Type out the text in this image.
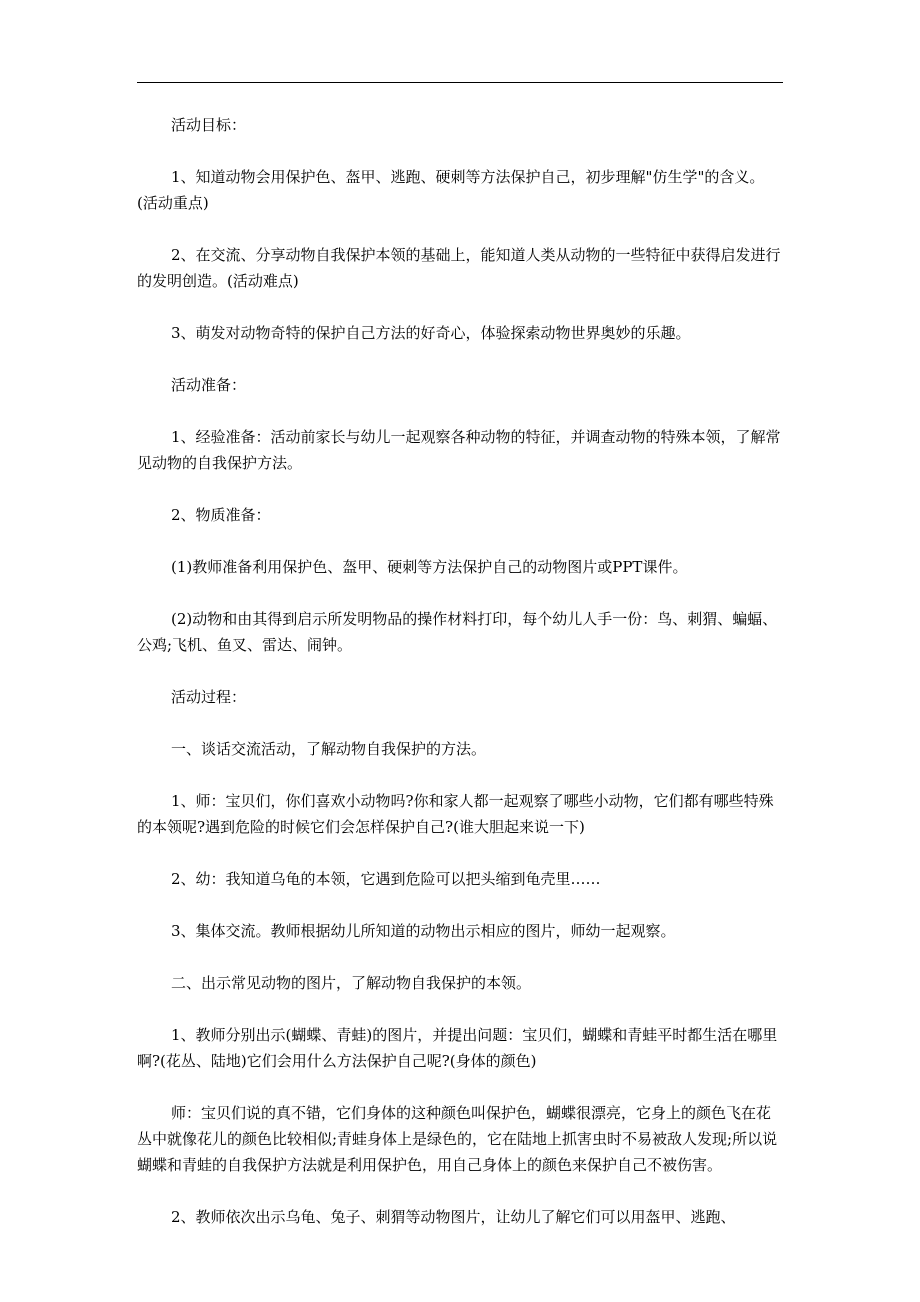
活动目标：

1、知道动物会用保护色、盔甲、逃跑、硬刺等方法保护自己，初步理解"仿生学"的含义。(活动重点)

2、在交流、分享动物自我保护本领的基础上，能知道人类从动物的一些特征中获得启发进行的发明创造。(活动难点)

3、萌发对动物奇特的保护自己方法的好奇心，体验探索动物世界奥妙的乐趣。

活动准备：

1、经验准备：活动前家长与幼儿一起观察各种动物的特征，并调查动物的特殊本领，了解常见动物的自我保护方法。

2、物质准备：

(1)教师准备利用保护色、盔甲、硬刺等方法保护自己的动物图片或PPT课件。

(2)动物和由其得到启示所发明物品的操作材料打印，每个幼儿人手一份：鸟、刺猬、蝙蝠、公鸡;飞机、鱼叉、雷达、闹钟。

活动过程：

一、谈话交流活动，了解动物自我保护的方法。

1、师：宝贝们，你们喜欢小动物吗?你和家人都一起观察了哪些小动物，它们都有哪些特殊的本领呢?遇到危险的时候它们会怎样保护自己?(谁大胆起来说一下)

2、幼：我知道乌龟的本领，它遇到危险可以把头缩到龟壳里……

3、集体交流。教师根据幼儿所知道的动物出示相应的图片，师幼一起观察。

二、出示常见动物的图片，了解动物自我保护的本领。

1、教师分别出示(蝴蝶、青蛙)的图片，并提出问题：宝贝们，蝴蝶和青蛙平时都生活在哪里啊?(花丛、陆地)它们会用什么方法保护自己呢?(身体的颜色)

师：宝贝们说的真不错，它们身体的这种颜色叫保护色，蝴蝶很漂亮，它身上的颜色飞在花丛中就像花儿的颜色比较相似;青蛙身体上是绿色的，它在陆地上抓害虫时不易被敌人发现;所以说蝴蝶和青蛙的自我保护方法就是利用保护色，用自己身体上的颜色来保护自己不被伤害。

2、教师依次出示乌龟、兔子、刺猬等动物图片，让幼儿了解它们可以用盔甲、逃跑、
